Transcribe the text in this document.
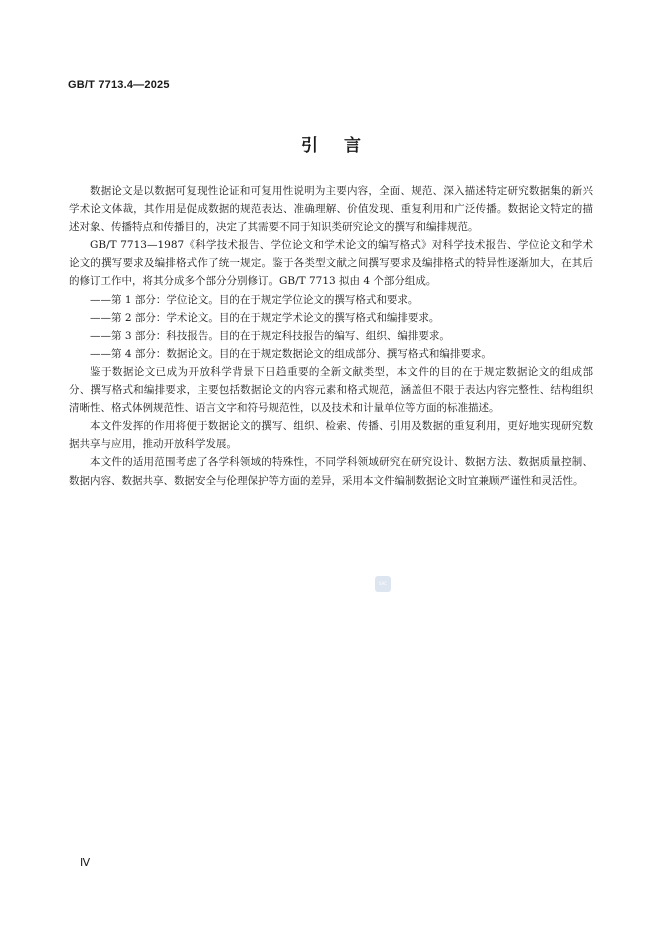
GB/T 7713.4—2025

引言

数据论文是以数据可复现性论证和可复用性说明为主要内容，全面、规范、深入描述特定研究数据集的新兴学术论文体裁，其作用是促成数据的规范表达、准确理解、价值发现、重复利用和广泛传播。数据论文特定的描述对象、传播特点和传播目的，决定了其需要不同于知识类研究论文的撰写和编排规范。

GB/T 7713—1987《科学技术报告、学位论文和学术论文的编写格式》对科学技术报告、学位论文和学术论文的撰写要求及编排格式作了统一规定。鉴于各类型文献之间撰写要求及编排格式的特异性逐渐加大，在其后的修订工作中，将其分成多个部分分别修订。GB/T 7713 拟由 4 个部分组成。

——第 1 部分：学位论文。目的在于规定学位论文的撰写格式和要求。

——第 2 部分：学术论文。目的在于规定学术论文的撰写格式和编排要求。

——第 3 部分：科技报告。目的在于规定科技报告的编写、组织、编排要求。

——第 4 部分：数据论文。目的在于规定数据论文的组成部分、撰写格式和编排要求。

鉴于数据论文已成为开放科学背景下日趋重要的全新文献类型，本文件的目的在于规定数据论文的组成部分、撰写格式和编排要求，主要包括数据论文的内容元素和格式规范，涵盖但不限于表达内容完整性、结构组织清晰性、格式体例规范性、语言文字和符号规范性，以及技术和计量单位等方面的标准描述。

本文件发挥的作用将便于数据论文的撰写、组织、检索、传播、引用及数据的重复利用，更好地实现研究数据共享与应用，推动开放科学发展。

本文件的适用范围考虑了各学科领域的特殊性，不同学科领域研究在研究设计、数据方法、数据质量控制、数据内容、数据共享、数据安全与伦理保护等方面的差异，采用本文件编制数据论文时宜兼顾严谨性和灵活性。

SAC

Ⅳ
